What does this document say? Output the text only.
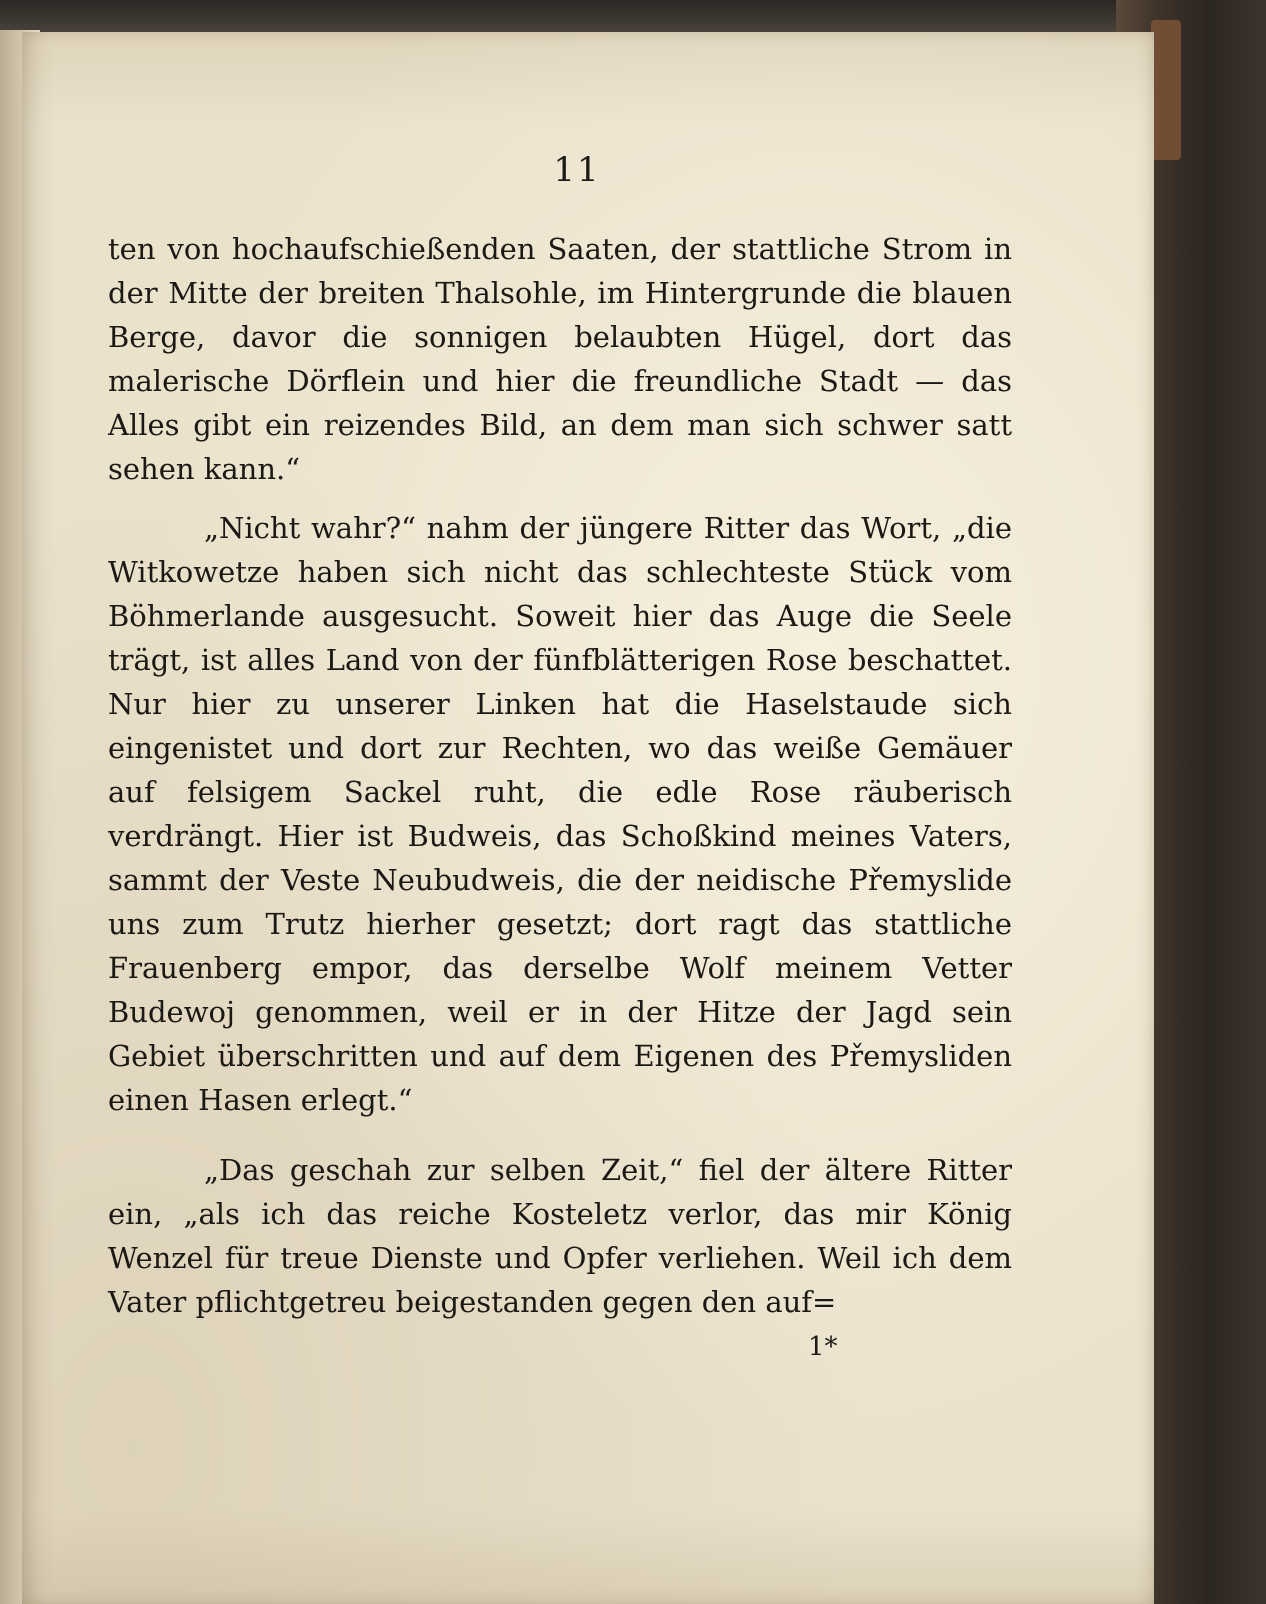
11

ten von hochaufschießenden Saaten, der stattliche Strom in der Mitte der breiten Thalsohle, im Hintergrunde die blauen Berge, davor die sonnigen belaubten Hügel, dort das malerische Dörflein und hier die freundliche Stadt — das Alles gibt ein reizendes Bild, an dem man sich schwer satt sehen kann.“

„Nicht wahr?“ nahm der jüngere Ritter das Wort, „die Witkowetze haben sich nicht das schlechteste Stück vom Böhmerlande ausgesucht. Soweit hier das Auge die Seele trägt, ist alles Land von der fünfblätterigen Rose beschattet. Nur hier zu unserer Linken hat die Haselstaude sich eingenistet und dort zur Rechten, wo das weiße Gemäuer auf felsigem Sackel ruht, die edle Rose räuberisch verdrängt. Hier ist Budweis, das Schoßkind meines Vaters, sammt der Veste Neubudweis, die der neidische Přemyslide uns zum Trutz hierher gesetzt; dort ragt das stattliche Frauenberg empor, das derselbe Wolf meinem Vetter Budewoj genommen, weil er in der Hitze der Jagd sein Gebiet überschritten und auf dem Eigenen des Přemysliden einen Hasen erlegt.“

„Das geschah zur selben Zeit,“ fiel der ältere Ritter ein, „als ich das reiche Kosteletz verlor, das mir König Wenzel für treue Dienste und Opfer verliehen. Weil ich dem Vater pflichtgetreu beigestanden gegen den auf=

1*
